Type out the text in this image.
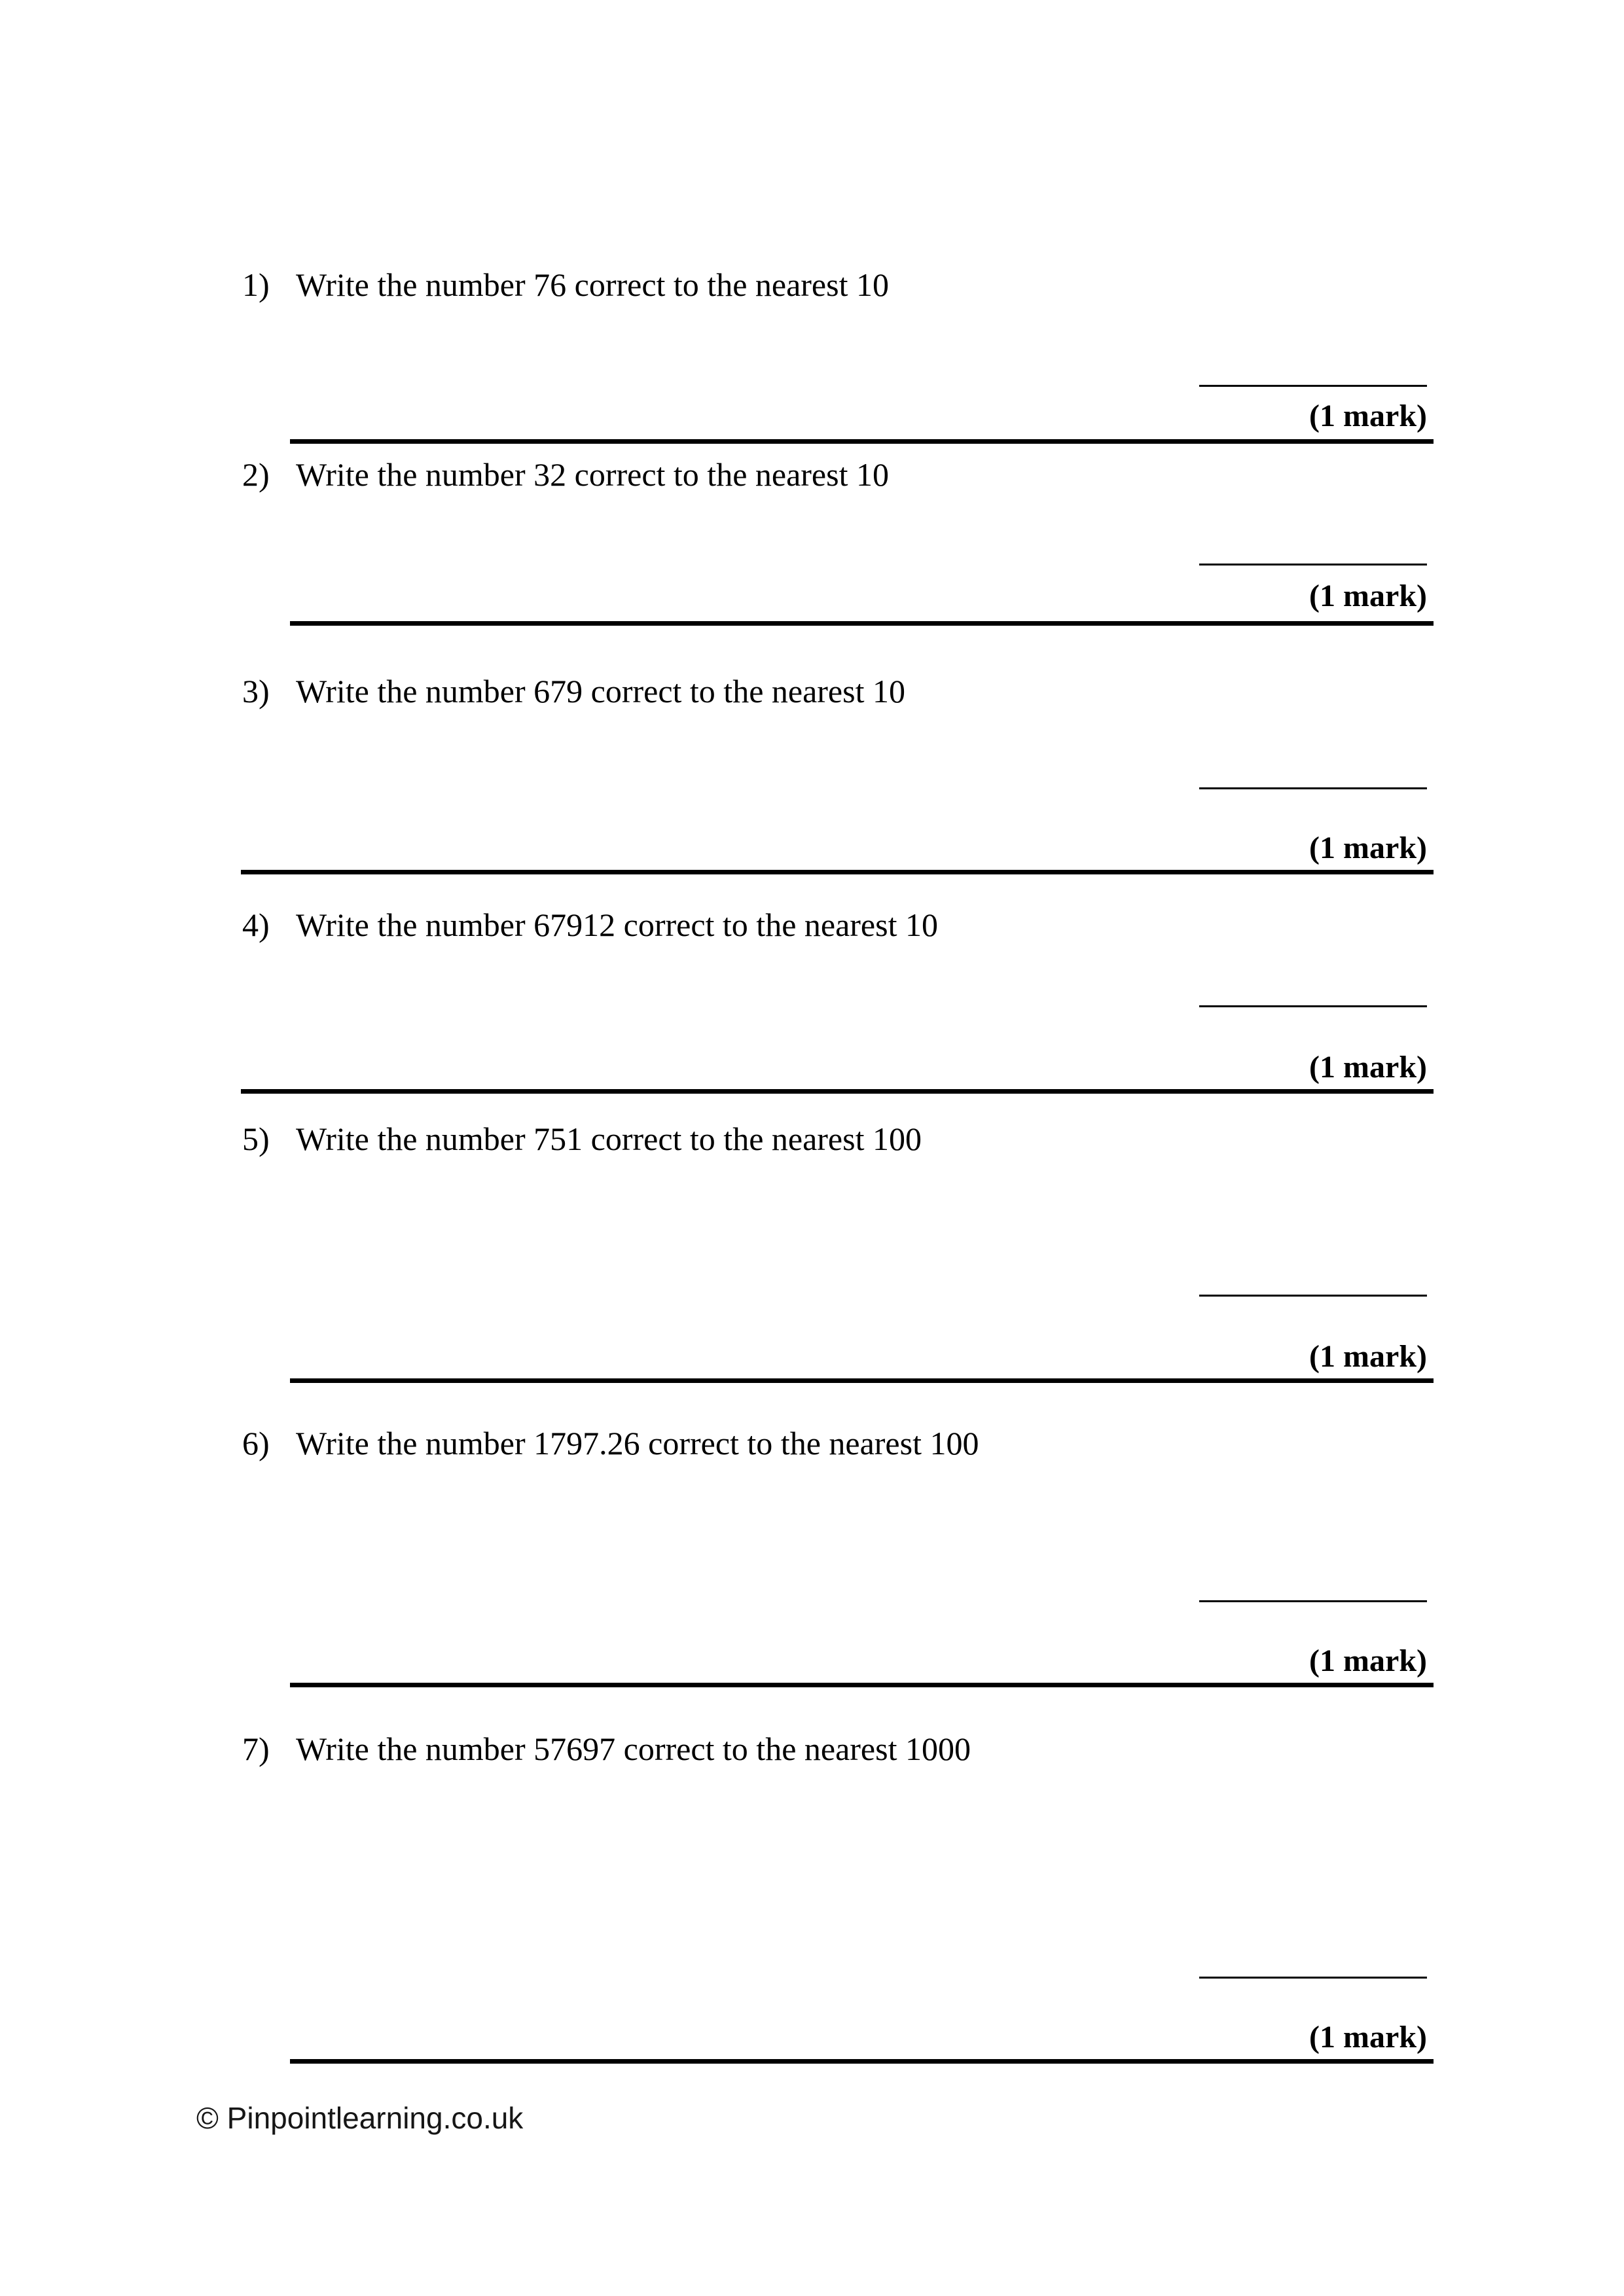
1) Write the number 76 correct to the nearest 10
(1 mark)
2) Write the number 32 correct to the nearest 10
(1 mark)
3) Write the number 679 correct to the nearest 10
(1 mark)
4) Write the number 67912 correct to the nearest 10
(1 mark)
5) Write the number 751 correct to the nearest 100
(1 mark)
6) Write the number 1797.26 correct to the nearest 100
(1 mark)
7) Write the number 57697 correct to the nearest 1000
(1 mark)
© Pinpointlearning.co.uk
